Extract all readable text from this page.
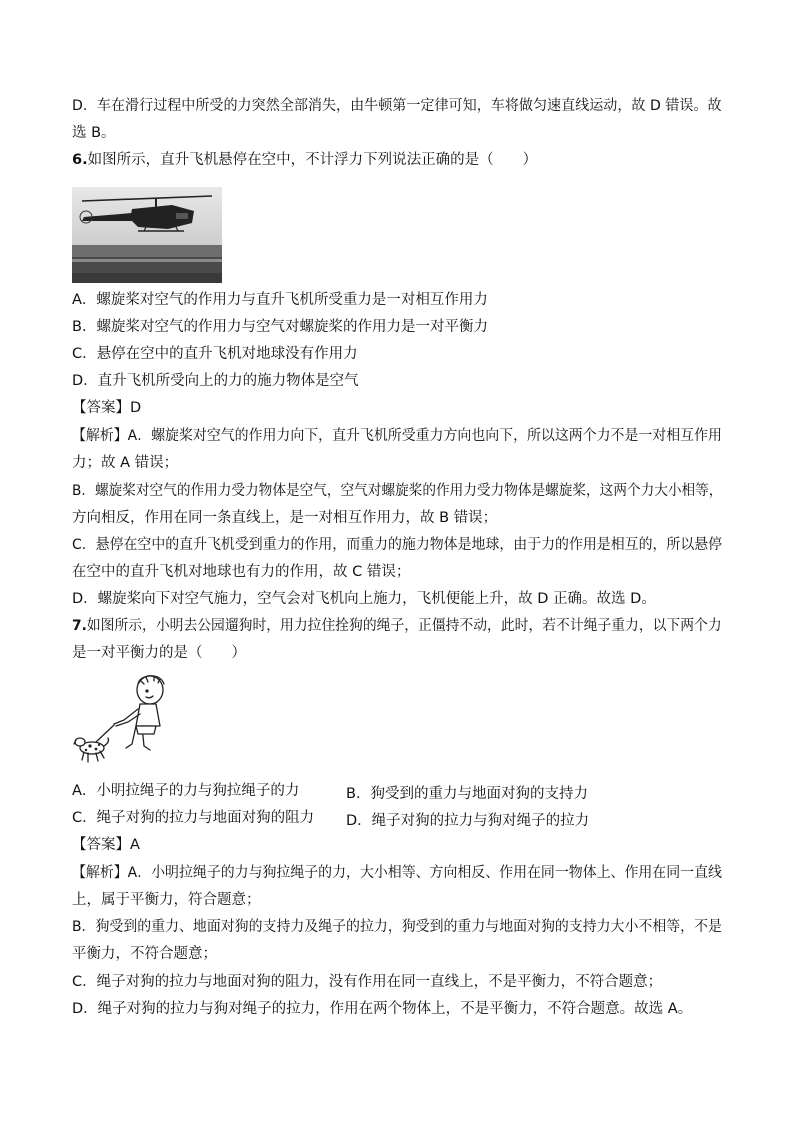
D．车在滑行过程中所受的力突然全部消失，由牛顿第一定律可知，车将做匀速直线运动，故 D 错误。故
选 B。
6.如图所示，直升飞机悬停在空中，不计浮力下列说法正确的是（　　）
A．螺旋桨对空气的作用力与直升飞机所受重力是一对相互作用力
B．螺旋桨对空气的作用力与空气对螺旋桨的作用力是一对平衡力
C．悬停在空中的直升飞机对地球没有作用力
D．直升飞机所受向上的力的施力物体是空气
【答案】D
【解析】A．螺旋桨对空气的作用力向下，直升飞机所受重力方向也向下，所以这两个力不是一对相互作用
力；故 A 错误；
B．螺旋桨对空气的作用力受力物体是空气，空气对螺旋桨的作用力受力物体是螺旋桨，这两个力大小相等，
方向相反，作用在同一条直线上，是一对相互作用力，故 B 错误；
C．悬停在空中的直升飞机受到重力的作用，而重力的施力物体是地球，由于力的作用是相互的，所以悬停
在空中的直升飞机对地球也有力的作用，故 C 错误；
D．螺旋桨向下对空气施力，空气会对飞机向上施力，飞机便能上升，故 D 正确。故选 D。
7.如图所示，小明去公园遛狗时，用力拉住拴狗的绳子，正僵持不动，此时，若不计绳子重力，以下两个力
是一对平衡力的是（　　）
A．小明拉绳子的力与狗拉绳子的力	B．狗受到的重力与地面对狗的支持力
C．绳子对狗的拉力与地面对狗的阻力 D．绳子对狗的拉力与狗对绳子的拉力
【答案】A
【解析】A．小明拉绳子的力与狗拉绳子的力，大小相等、方向相反、作用在同一物体上、作用在同一直线
上，属于平衡力，符合题意；
B．狗受到的重力、地面对狗的支持力及绳子的拉力，狗受到的重力与地面对狗的支持力大小不相等，不是
平衡力，不符合题意；
C．绳子对狗的拉力与地面对狗的阻力，没有作用在同一直线上，不是平衡力，不符合题意；
D．绳子对狗的拉力与狗对绳子的拉力，作用在两个物体上，不是平衡力，不符合题意。故选 A。
